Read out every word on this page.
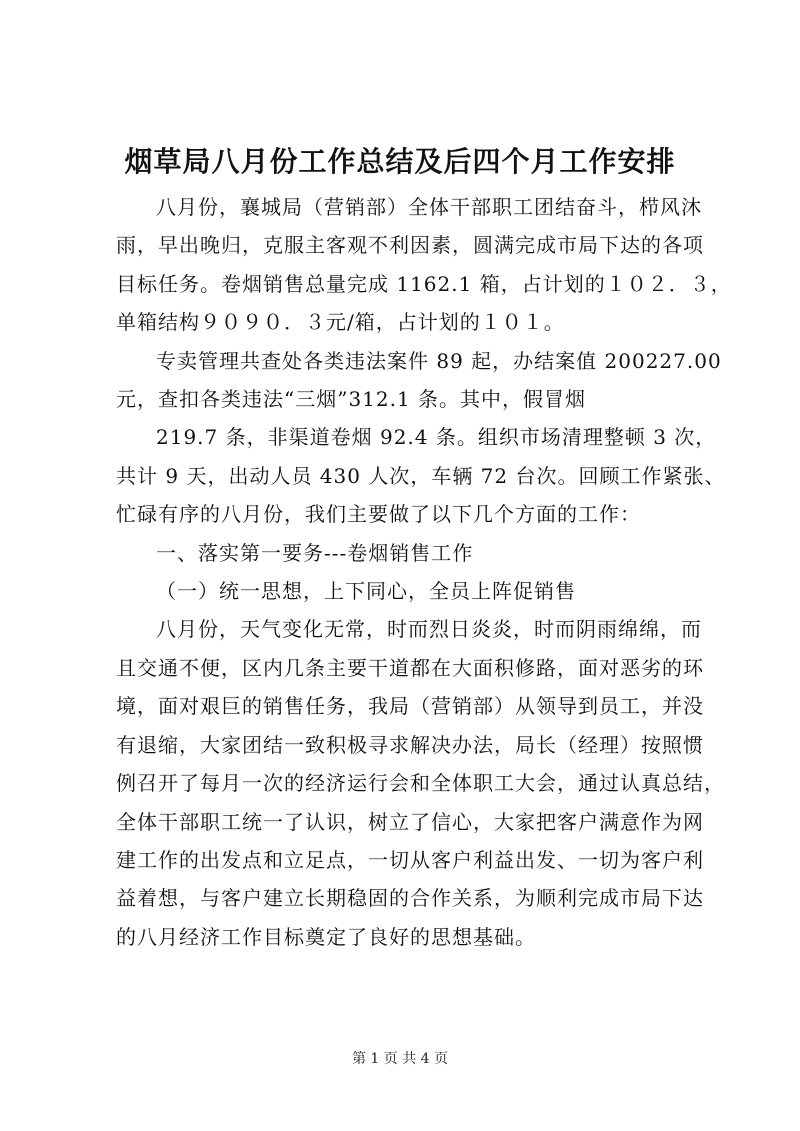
烟草局八月份工作总结及后四个月工作安排

八月份，襄城局（营销部）全体干部职工团结奋斗，栉风沐
雨，早出晚归，克服主客观不利因素，圆满完成市局下达的各项
目标任务。卷烟销售总量完成 1162.1 箱，占计划的１０２．３，
单箱结构９０９０．３元/箱，占计划的１０１。

专卖管理共查处各类违法案件 89 起，办结案值 200227.00
元，查扣各类违法“三烟”312.1 条。其中，假冒烟

219.7 条，非渠道卷烟 92.4 条。组织市场清理整顿 3 次，
共计 9 天，出动人员 430 人次，车辆 72 台次。回顾工作紧张、
忙碌有序的八月份，我们主要做了以下几个方面的工作：

一、落实第一要务---卷烟销售工作

（一）统一思想，上下同心，全员上阵促销售

八月份，天气变化无常，时而烈日炎炎，时而阴雨绵绵，而
且交通不便，区内几条主要干道都在大面积修路，面对恶劣的环
境，面对艰巨的销售任务，我局（营销部）从领导到员工，并没
有退缩，大家团结一致积极寻求解决办法，局长（经理）按照惯
例召开了每月一次的经济运行会和全体职工大会，通过认真总结，
全体干部职工统一了认识，树立了信心，大家把客户满意作为网
建工作的出发点和立足点，一切从客户利益出发、一切为客户利
益着想，与客户建立长期稳固的合作关系，为顺利完成市局下达
的八月经济工作目标奠定了良好的思想基础。

第 1 页 共 4 页
